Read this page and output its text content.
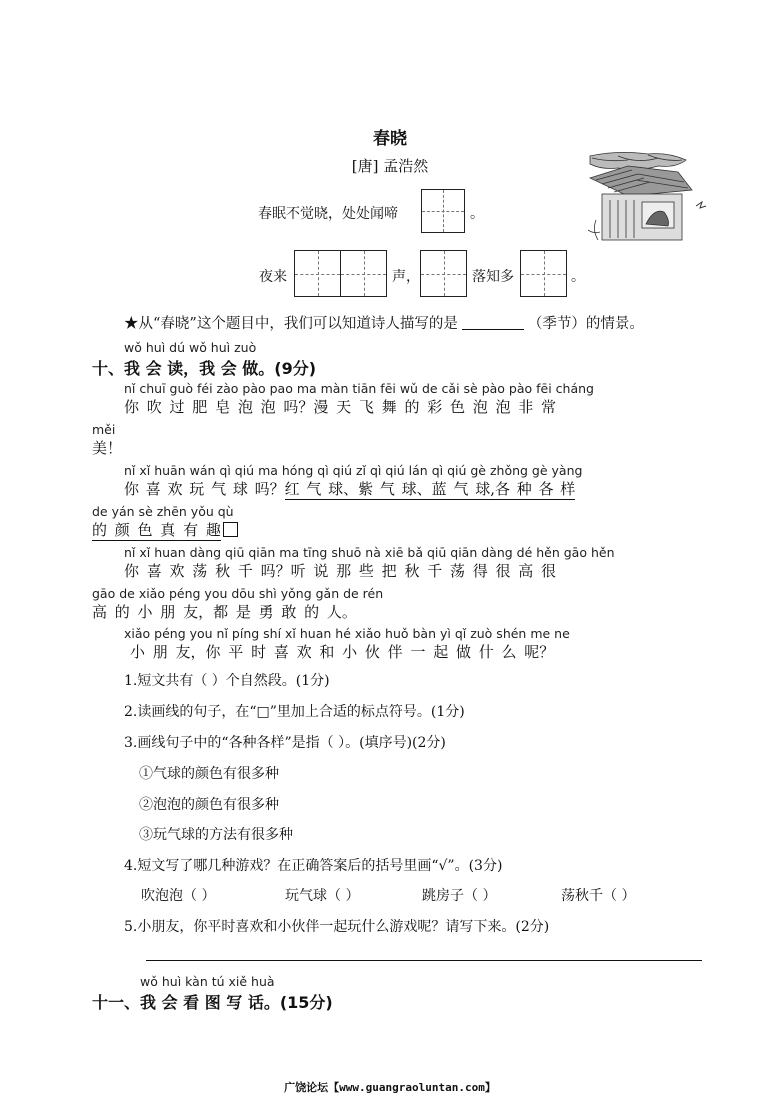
春晓
[唐] 孟浩然
春眠不觉晓，处处闻啼	。
夜来	声，	落知多	。
★从“春晓”这个题目中，我们可以知道诗人描写的是	（季节）的情景。
wǒ huì dú wǒ huì zuò
十、我 会 读，我 会 做。(9分)
nǐ chuī guò féi zào pào pao ma màn tiān fēi wǔ de cǎi sè pào pào fēi cháng
你 吹 过 肥 皂 泡 泡 吗？漫 天 飞 舞 的 彩 色 泡 泡 非 常
měi
美！
nǐ xǐ huān wán qì qiú ma hóng qì qiú zǐ qì qiú lán qì qiú gè zhǒng gè yàng
你 喜 欢 玩 气 球 吗？红 气 球、紫 气 球、蓝 气 球,各 种 各 样
de yán sè zhēn yǒu qù
的 颜 色 真 有 趣
nǐ xǐ huan dàng qiū qiān ma tīng shuō nà xiē bǎ qiū qiān dàng dé hěn gāo hěn
你 喜 欢 荡 秋 千 吗？听 说 那 些 把 秋 千 荡 得 很 高 很
gāo de xiǎo péng you dōu shì yǒng gǎn de rén
高 的 小 朋 友，都 是 勇 敢 的 人。
xiǎo péng you nǐ píng shí xǐ huan hé xiǎo huǒ bàn yì qǐ zuò shén me ne
小 朋 友，你 平 时 喜 欢 和 小 伙 伴 一 起 做 什 么 呢？
1.短文共有（ ）个自然段。(1分)
2.读画线的句子，在“□”里加上合适的标点符号。(1分)
3.画线句子中的“各种各样”是指（ ）。(填序号)(2分)
①气球的颜色有很多种
②泡泡的颜色有很多种
③玩气球的方法有很多种
4.短文写了哪几种游戏？在正确答案后的括号里画“√”。(3分)
吹泡泡（ ）	玩气球（ ）	跳房子（ ）	荡秋千（ ）
5.小朋友，你平时喜欢和小伙伴一起玩什么游戏呢？请写下来。(2分)
wǒ huì kàn tú xiě huà
十一、我 会 看 图 写 话。(15分)
广饶论坛【www.guangraoluntan.com】
